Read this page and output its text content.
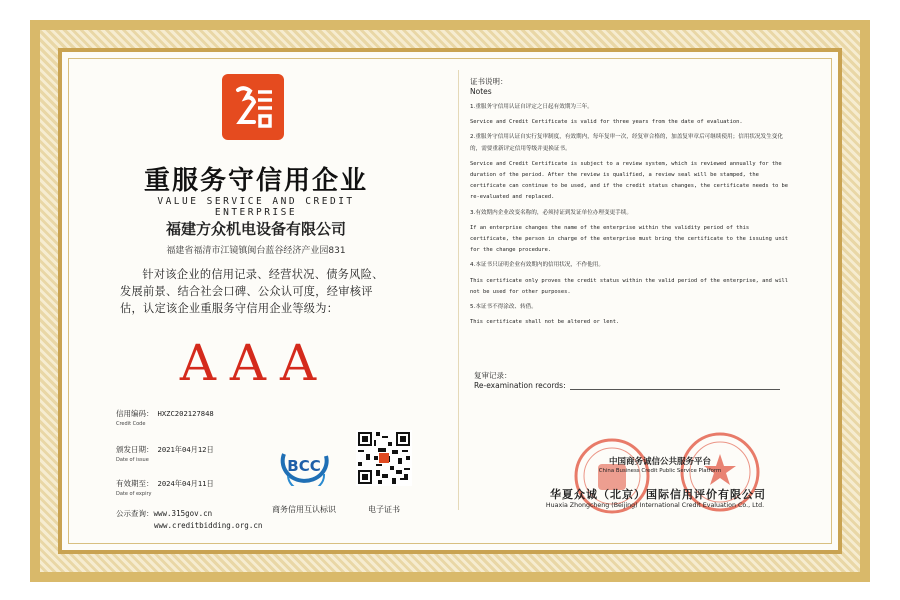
重服务守信用企业
VALUE SERVICE AND CREDIT ENTERPRISE
福建方众机电设备有限公司
福建省福清市江镜镇闽台蓝谷经济产业园831
针对该企业的信用记录、经营状况、债务风险、发展前景、结合社会口碑、公众认可度，经审核评估，认定该企业重服务守信用企业等级为：
AAA
信用编码： HXZC202127848
Credit Code
颁发日期： 2021年04月12日
Date of issue
有效期至： 2024年04月11日
Date of expiry
公示查询：www.315gov.cn
www.creditbidding.org.cn
BCC
商务信用互认标识	电子证书
证书说明：
Notes

1.重服务守信用认证自评定之日起有效期为三年。

Service and Credit Certificate is valid for three years from the date of evaluation.

2.重服务守信用认证自实行复审制度，有效期内，每年复审一次，经复审合格的，加盖复审章后可继续使用；信用状况发生变化的，需要重新评定信用等级并更换证书。

Service and Credit Certificate is subject to a review system, which is reviewed annually for the duration of the period. After the review is qualified, a review seal will be stamped, the certificate can continue to be used, and if the credit status changes, the certificate needs to be re-evaluated and replaced.

3.有效期内企业改变名称的，必须持证到发证单位办理变更手续。

If an enterprise changes the name of the enterprise within the validity period of this certificate, the person in charge of the enterprise must bring the certificate to the issuing unit for the change procedure.

4.本证书只证明企业有效期内的信用状况，不作他用。

This certificate only proves the credit status within the valid period of the enterprise, and will not be used for other purposes.

5.本证书不得涂改、转借。

This certificate shall not be altered or lent.

复审记录：
Re-examination records:
中国商务诚信公共服务平台
China Business Credit Public Service Platform
华夏众诚（北京）国际信用评价有限公司
Huaxia Zhongcheng (Beijing) International Credit Evaluation Co., Ltd.
